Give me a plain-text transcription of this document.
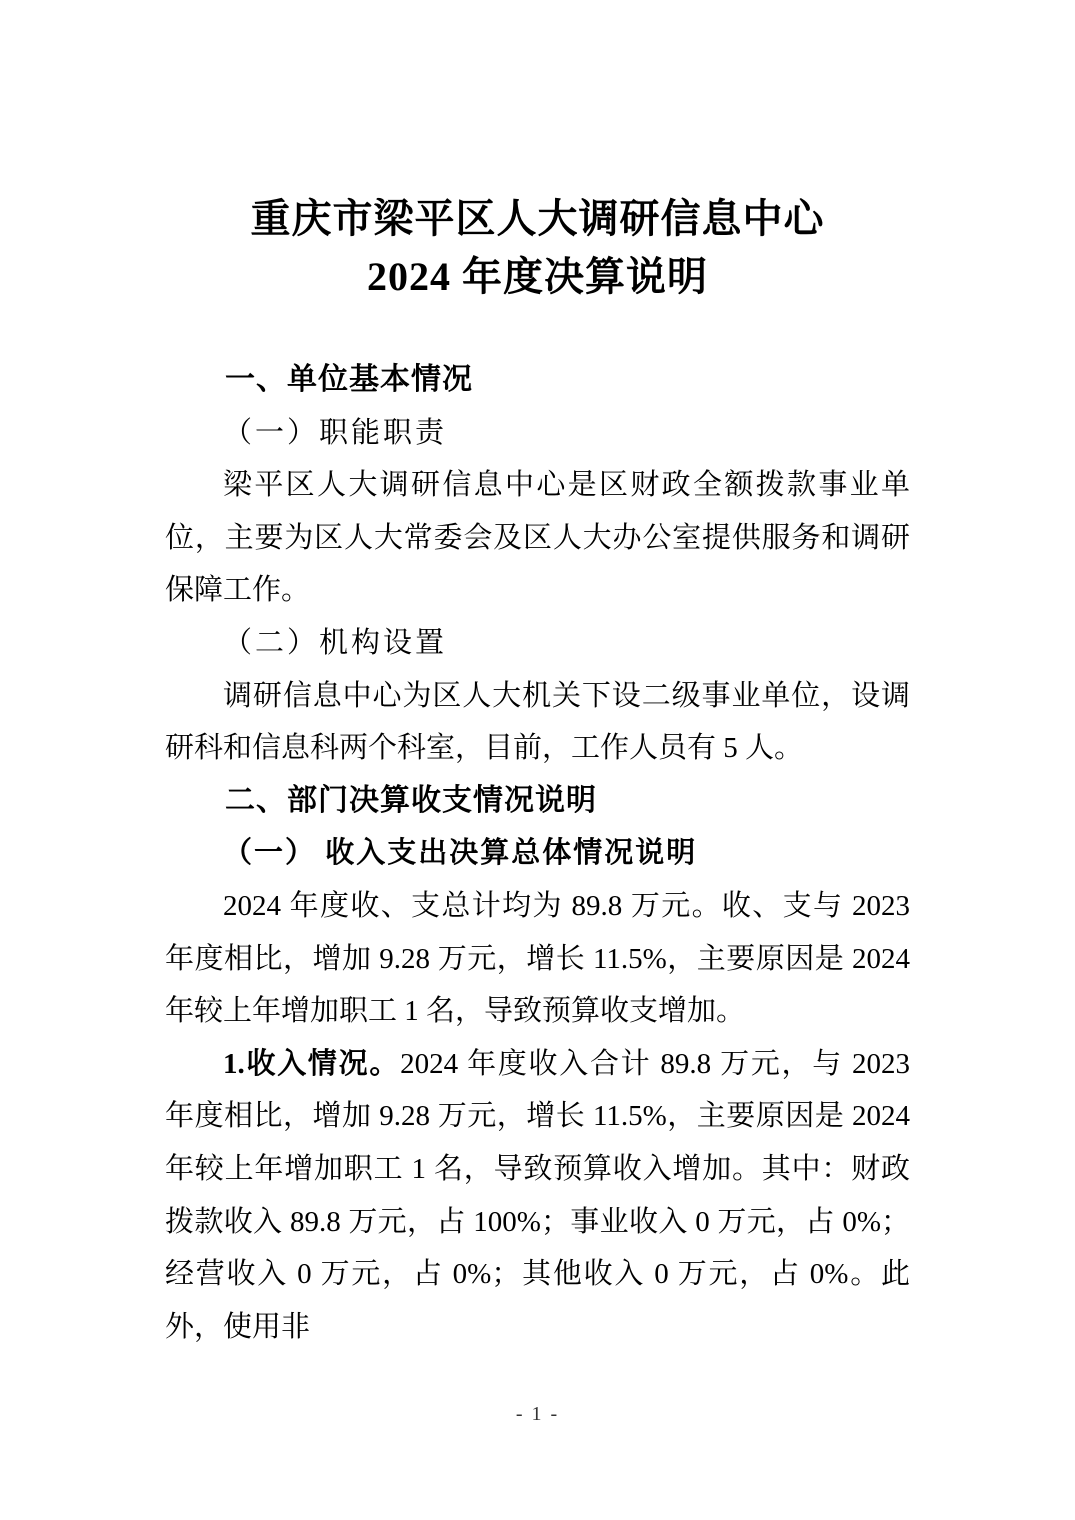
重庆市梁平区人大调研信息中心
2024 年度决算说明

一、单位基本情况

（一）职能职责

梁平区人大调研信息中心是区财政全额拨款事业单位，主要为区人大常委会及区人大办公室提供服务和调研保障工作。

（二）机构设置

调研信息中心为区人大机关下设二级事业单位，设调研科和信息科两个科室，目前，工作人员有 5 人。

二、部门决算收支情况说明

（一） 收入支出决算总体情况说明

2024 年度收、支总计均为 89.8 万元。收、支与 2023 年度相比，增加 9.28 万元，增长 11.5%，主要原因是 2024 年较上年增加职工 1 名，导致预算收支增加。

1.收入情况。2024 年度收入合计 89.8 万元，与 2023 年度相比，增加 9.28 万元，增长 11.5%，主要原因是 2024 年较上年增加职工 1 名，导致预算收入增加。其中：财政拨款收入 89.8 万元，占 100%；事业收入 0 万元，占 0%；经营收入 0 万元，占 0%；其他收入 0 万元，占 0%。此外，使用非

- 1 -
